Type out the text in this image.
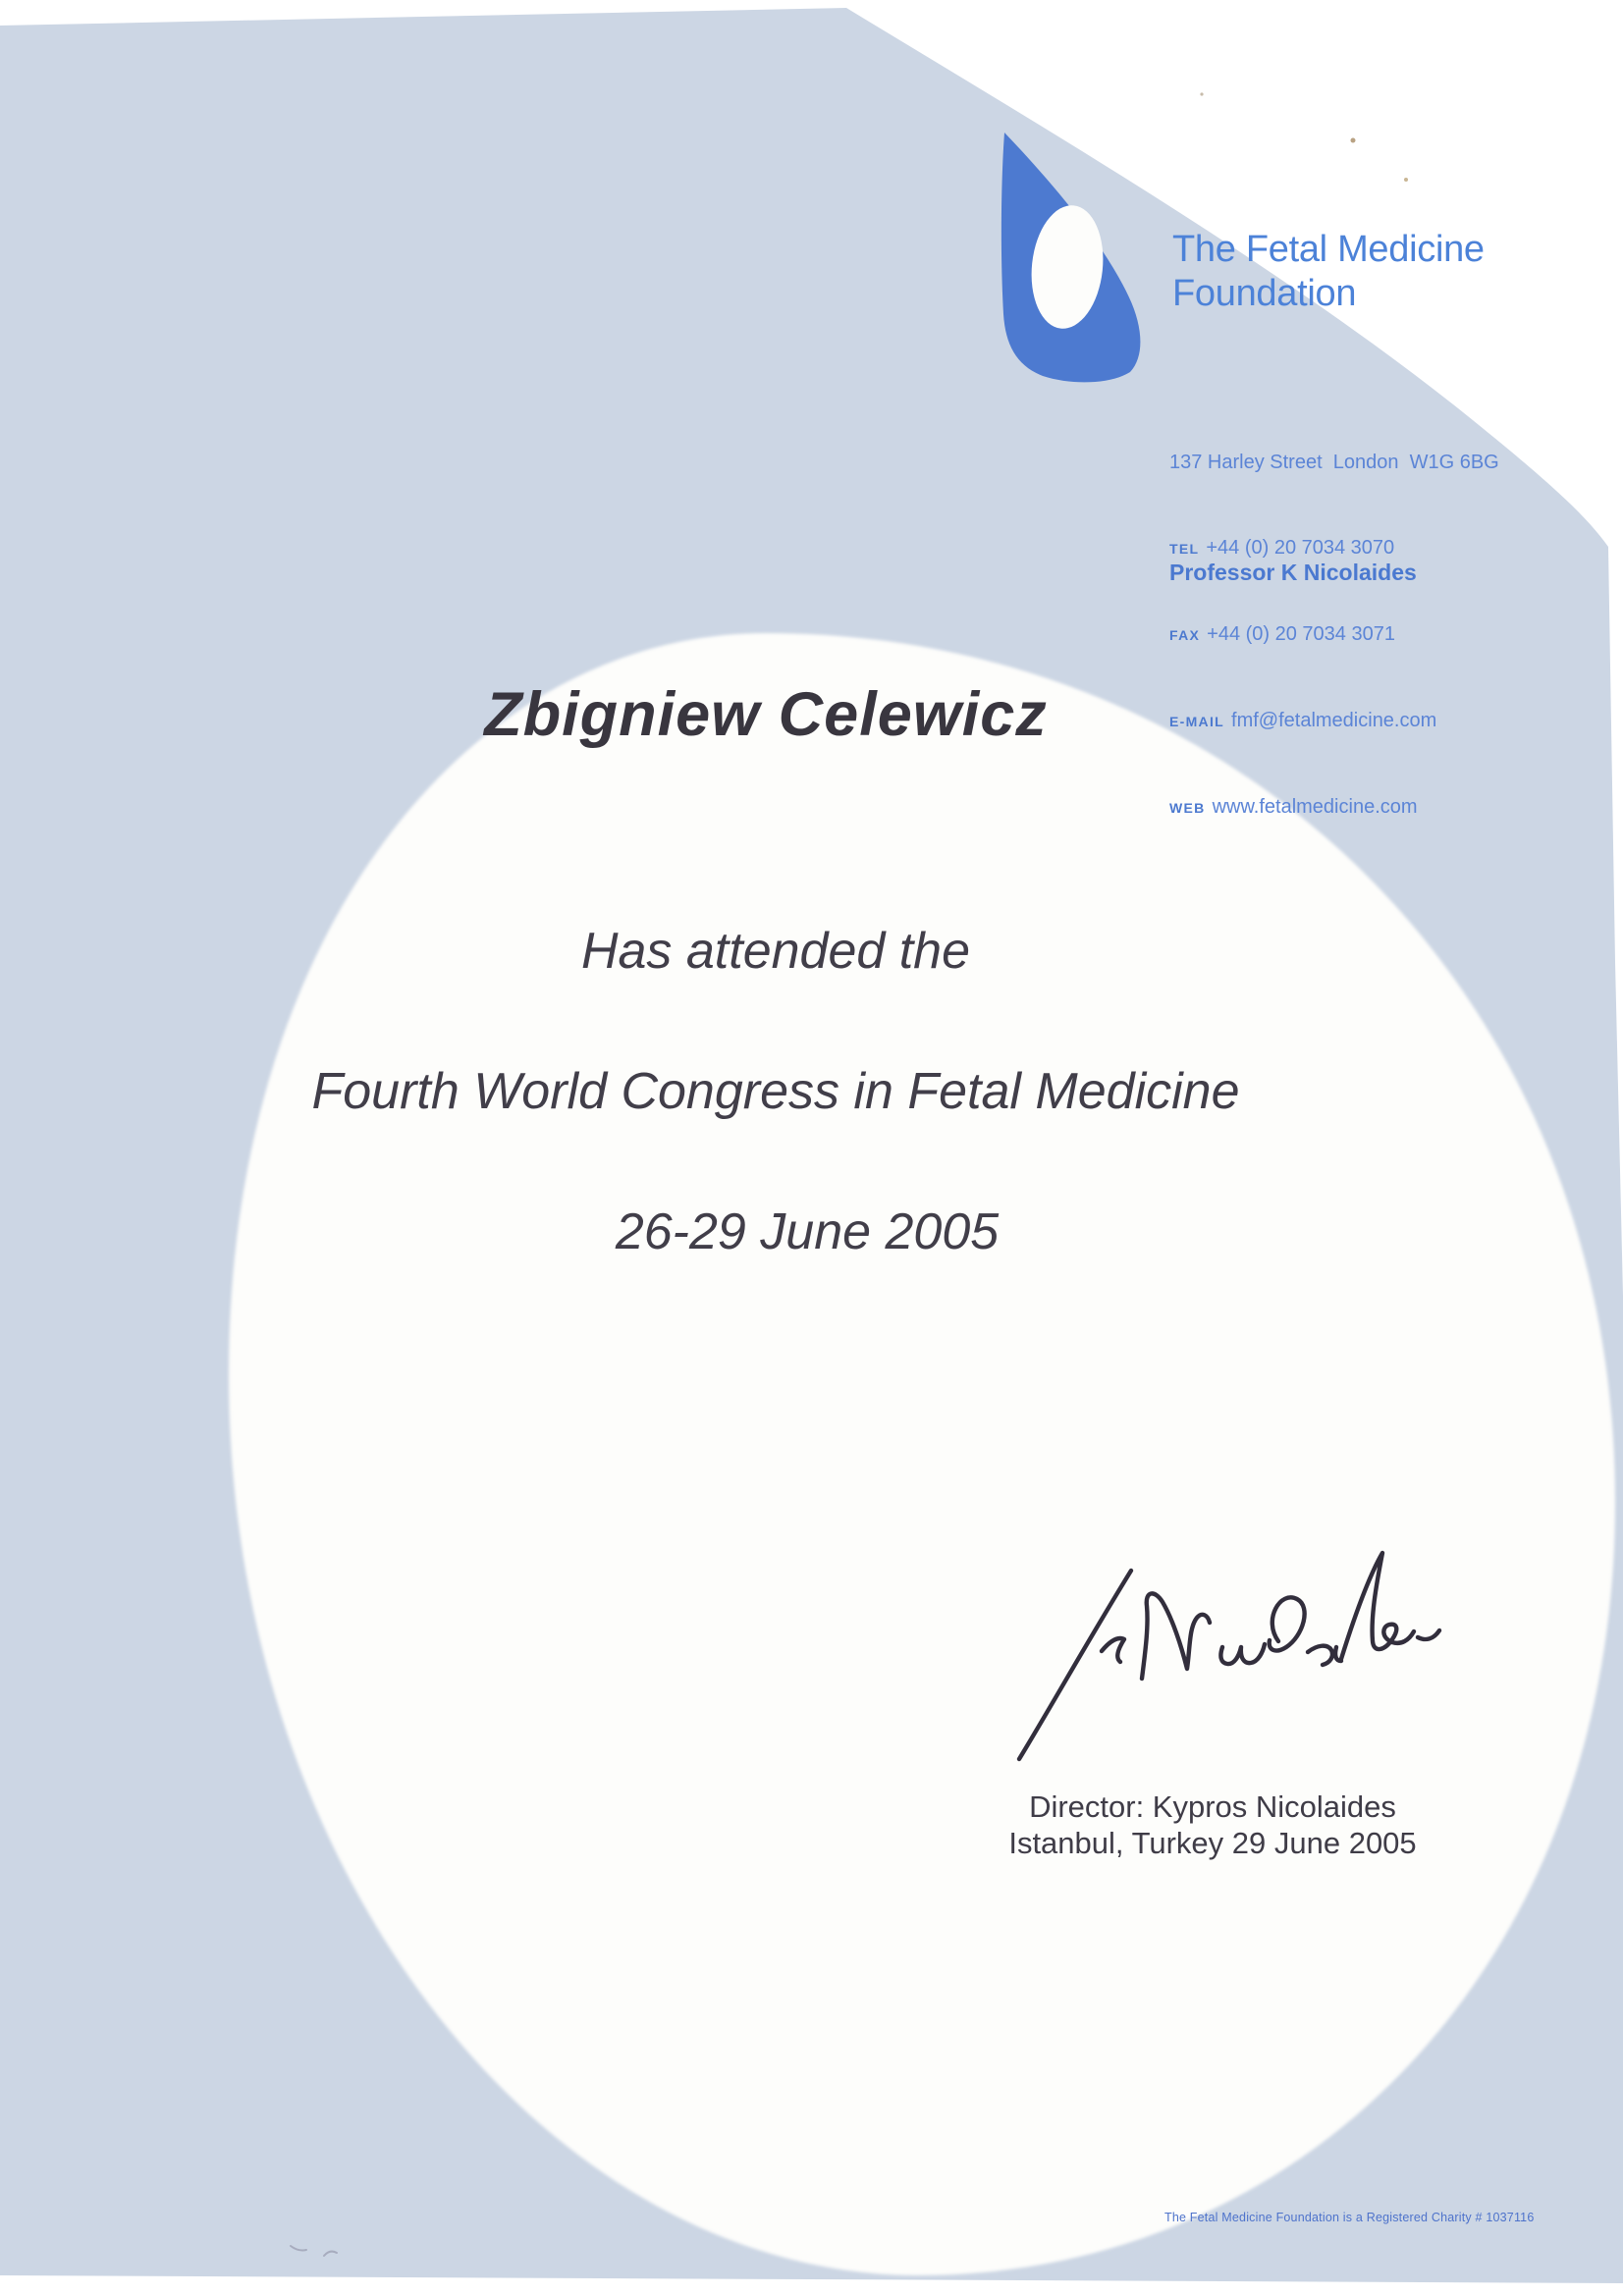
The Fetal Medicine
Foundation

137 Harley Street  London  W1G 6BG

TEL +44 (0) 20 7034 3070

FAX +44 (0) 20 7034 3071

E-MAIL fmf@fetalmedicine.com

WEB www.fetalmedicine.com

Professor K Nicolaides
Zbigniew Celewicz
Has attended the
Fourth World Congress in Fetal Medicine
26-29 June 2005
Director: Kypros Nicolaides
Istanbul, Turkey 29 June 2005
The Fetal Medicine Foundation is a Registered Charity # 1037116
